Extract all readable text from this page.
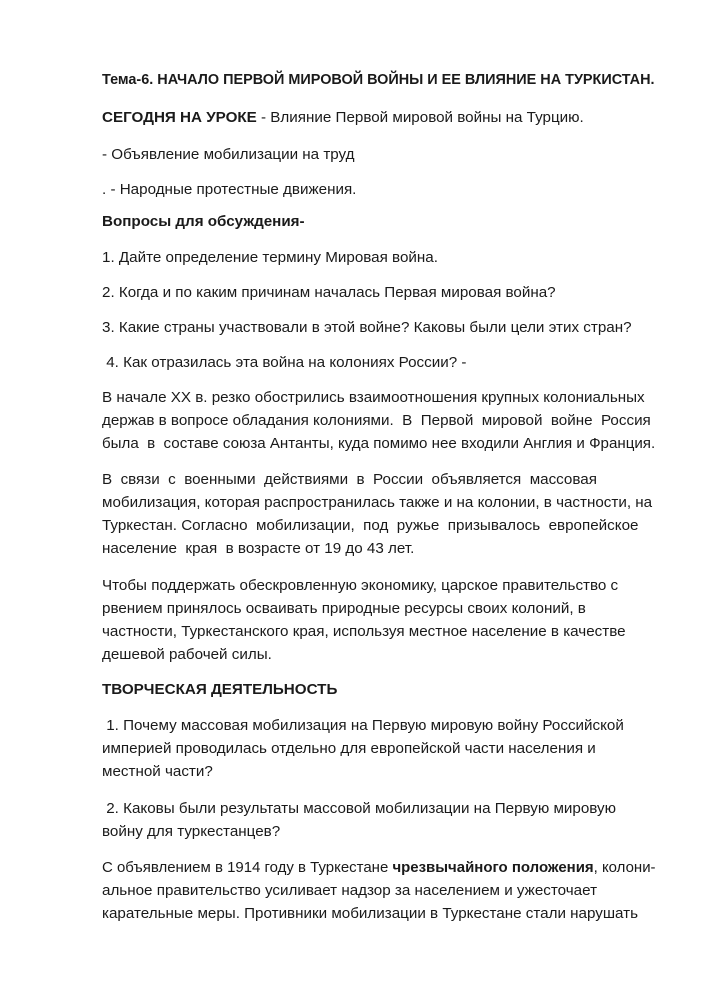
Тема-6. НАЧАЛО ПЕРВОЙ МИРОВОЙ ВОЙНЫ И ЕЕ ВЛИЯНИЕ НА ТУРКИСТАН.

СЕГОДНЯ НА УРОКЕ - Влияние Первой мировой войны на Турцию.

- Объявление мобилизации на труд

. - Народные протестные движения.

Вопросы для обсуждения-

1. Дайте определение термину Мировая война.

2. Когда и по каким причинам началась Первая мировая война?

3. Какие страны участвовали в этой войне? Каковы были цели этих стран?

4. Как отразилась эта война на колониях России? -

В начале XX в. резко обострились взаимоотношения крупных колониальных

держав в вопросе обладания колониями.  В  Первой  мировой  войне  Россия

была  в  составе союза Антанты, куда помимо нее входили Англия и Франция.

В  связи  с  военными  действиями  в  России  объявляется  массовая

мобилизация, которая распространилась также и на колонии, в частности, на

Туркестан. Согласно  мобилизации,  под  ружье  призывалось  европейское

население  края  в возрасте от 19 до 43 лет.

Чтобы поддержать обескровленную экономику, царское правительство с

рвением принялось осваивать природные ресурсы своих колоний, в

частности, Туркестанского края, используя местное население в качестве

дешевой рабочей силы.

ТВОРЧЕСКАЯ ДЕЯТЕЛЬНОСТЬ

1. Почему массовая мобилизация на Первую мировую войну Российской

империей проводилась отдельно для европейской части населения и

местной части?

2. Каковы были результаты массовой мобилизации на Первую мировую

войну для туркестанцев?

С объявлением в 1914 году в Туркестане чрезвычайного положения, колони-

альное правительство усиливает надзор за населением и ужесточает

карательные меры. Противники мобилизации в Туркестане стали нарушать
